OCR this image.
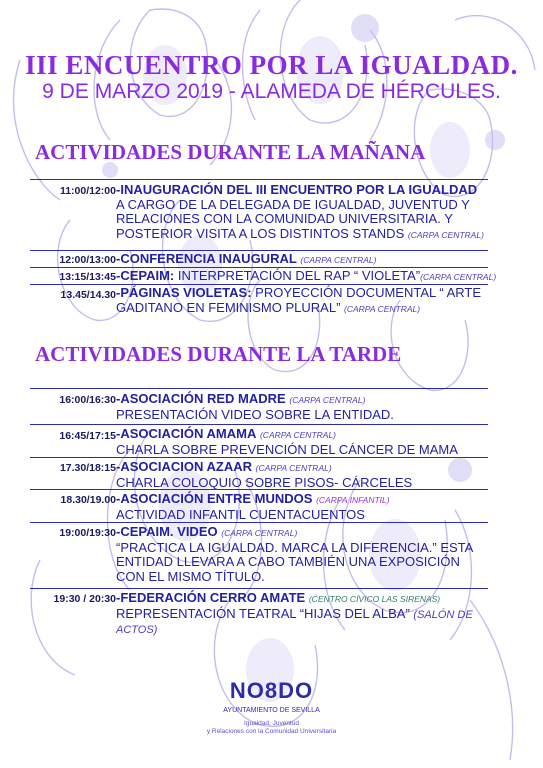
III ENCUENTRO POR LA IGUALDAD.
9 DE MARZO 2019 - ALAMEDA DE HÉRCULES.
ACTIVIDADES DURANTE LA MAÑANA
11:00/12:00 -INAUGURACIÓN DEL III ENCUENTRO POR LA IGUALDAD
A CARGO DE LA DELEGADA DE IGUALDAD, JUVENTUD Y RELACIONES CON LA COMUNIDAD UNIVERSITARIA. Y POSTERIOR VISITA A LOS DISTINTOS STANDS (CARPA CENTRAL)
12:00/13:00 -CONFERENCIA INAUGURAL (CARPA CENTRAL)
13:15/13:45 -CEPAIM: INTERPRETACIÓN DEL RAP “ VIOLETA”(CARPA CENTRAL)
13.45/14.30 -PÁGINAS VIOLETAS: PROYECCIÓN DOCUMENTAL “ ARTE GADITANO EN FEMINISMO PLURAL” (CARPA CENTRAL)
ACTIVIDADES DURANTE LA TARDE
16:00/16:30 -ASOCIACIÓN RED MADRE (CARPA CENTRAL)
PRESENTACIÓN VIDEO SOBRE LA ENTIDAD.
16:45/17:15 -ASOCIACIÓN AMAMA (CARPA CENTRAL)
CHARLA SOBRE PREVENCIÓN DEL CÁNCER DE MAMA
17.30/18:15 -ASOCIACION AZAAR (CARPA CENTRAL)
CHARLA COLOQUIO SOBRE PISOS- CÁRCELES
18.30/19.00 -ASOCIACIÓN ENTRE MUNDOS (CARPA INFANTIL)
ACTIVIDAD INFANTIL CUENTACUENTOS
19:00/19:30 -CEPAIM. VIDEO (CARPA CENTRAL)
“PRACTICA LA IGUALDAD. MARCA LA DIFERENCIA.” ESTA ENTIDAD LLEVARA A CABO TAMBIÉN UNA EXPOSICIÓN CON EL MISMO TÍTULO.
19:30 / 20:30 -FEDERACIÓN CERRO AMATE (CENTRO CÍVICO LAS SIRENAS)
REPRESENTACIÓN TEATRAL “HIJAS DEL ALBA” (SALÓN DE ACTOS)
NO8DO
AYUNTAMIENTO DE SEVILLA
Igualdad, Juventud
y Relaciones con la Comunidad Universitaria
